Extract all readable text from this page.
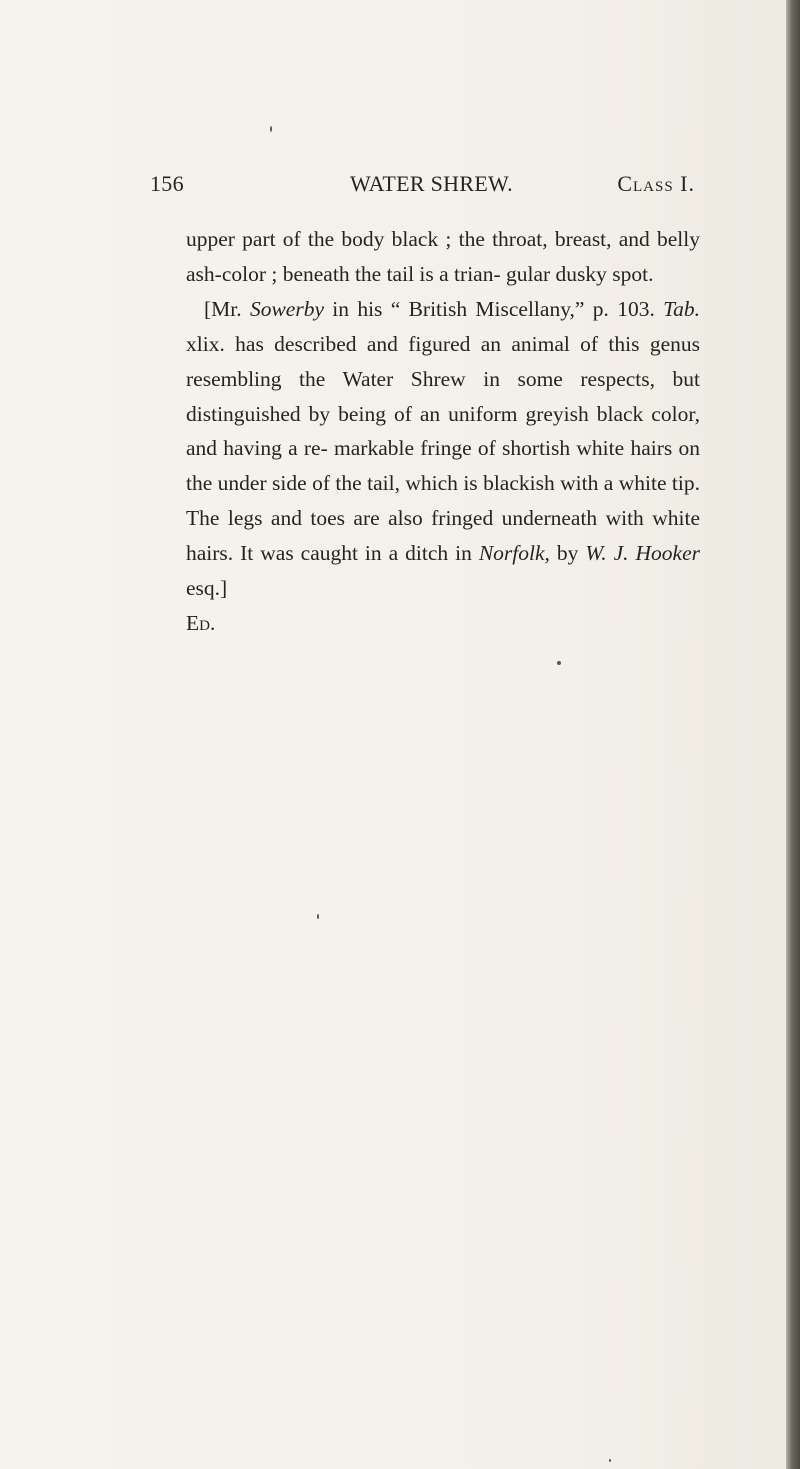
156	WATER SHREW.	Class I.

upper part of the body black ; the throat, breast, and belly ash-color ; beneath the tail is a trian- gular dusky spot.

[Mr. Sowerby in his “ British Miscellany,” p. 103. Tab. xlix. has described and figured an animal of this genus resembling the Water Shrew in some respects, but distinguished by being of an uniform greyish black color, and having a re- markable fringe of shortish white hairs on the under side of the tail, which is blackish with a white tip. The legs and toes are also fringed underneath with white hairs. It was caught in a ditch in Norfolk, by W. J. Hooker esq.]

Ed.
